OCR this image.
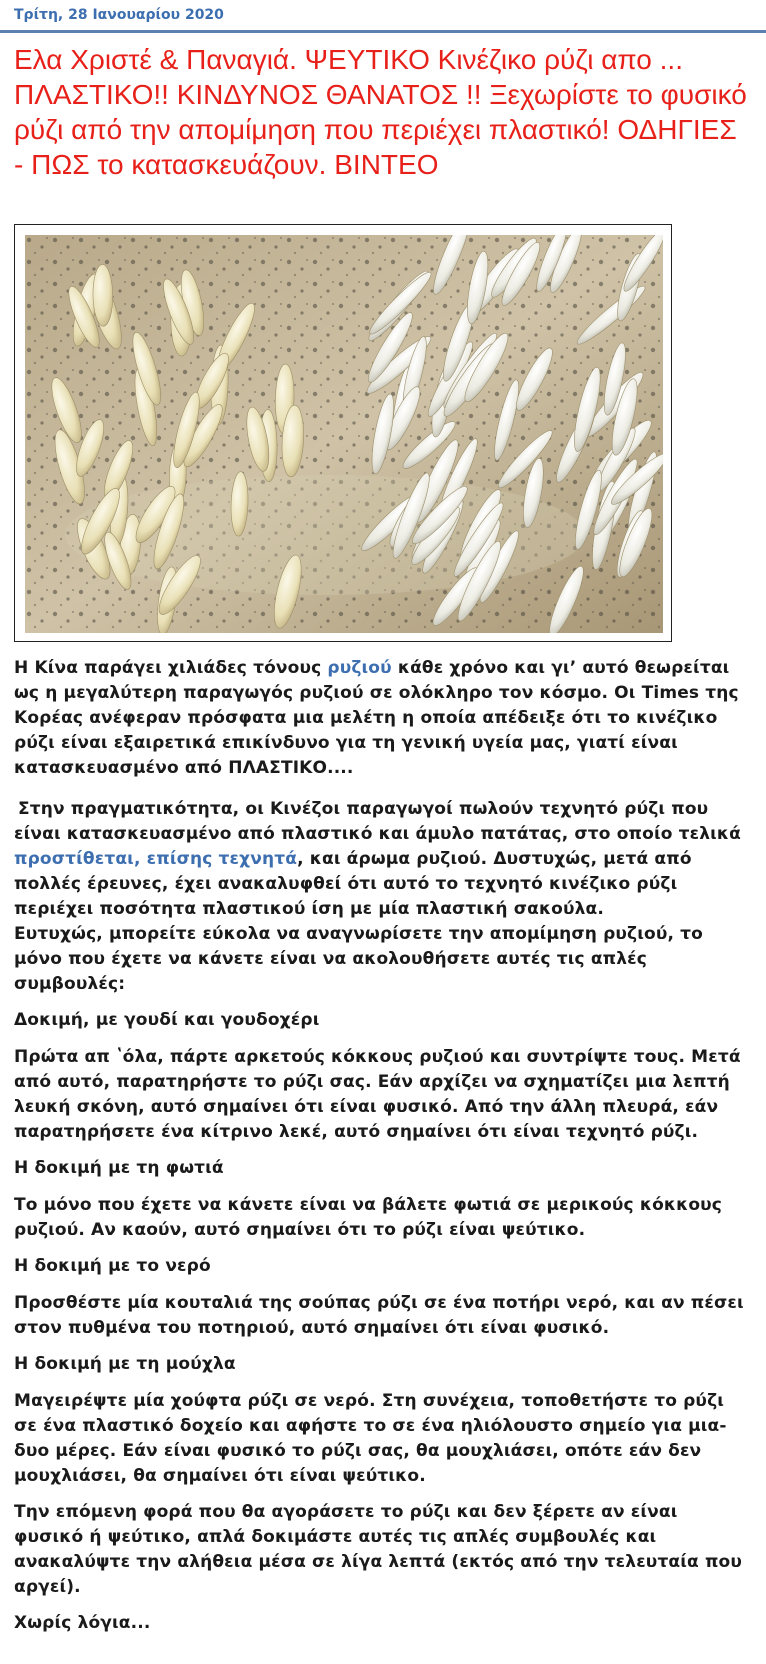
Τρίτη, 28 Ιανουαρίου 2020
Ελα Χριστέ & Παναγιά. ΨΕΥΤΙΚΟ Κινέζικο ρύζι απο ... ΠΛΑΣΤΙΚΟ!! ΚΙΝΔΥΝΟΣ ΘΑΝΑΤΟΣ !! Ξεχωρίστε το φυσικό ρύζι από την απομίμηση που περιέχει πλαστικό! ΟΔΗΓΙΕΣ - ΠΩΣ το κατασκευάζουν. ΒΙΝΤΕΟ

Η Κίνα παράγει χιλιάδες τόνους ρυζιού κάθε χρόνο και γι’ αυτό θεωρείται ως η μεγαλύτερη παραγωγός ρυζιού σε ολόκληρο τον κόσμο. Οι Times της Κορέας ανέφεραν πρόσφατα μια μελέτη η οποία απέδειξε ότι το κινέζικο ρύζι είναι εξαιρετικά επικίνδυνο για τη γενική υγεία μας, γιατί είναι κατασκευασμένο από ΠΛΑΣΤΙΚΟ....

Στην πραγματικότητα, οι Κινέζοι παραγωγοί πωλούν τεχνητό ρύζι που είναι κατασκευασμένο από πλαστικό και άμυλο πατάτας, στο οποίο τελικά προστίθεται, επίσης τεχνητά, και άρωμα ρυζιού. Δυστυχώς, μετά από πολλές έρευνες, έχει ανακαλυφθεί ότι αυτό το τεχνητό κινέζικο ρύζι περιέχει ποσότητα πλαστικού ίση με μία πλαστική σακούλα.

Ευτυχώς, μπορείτε εύκολα να αναγνωρίσετε την απομίμηση ρυζιού, το μόνο που έχετε να κάνετε είναι να ακολουθήσετε αυτές τις απλές συμβουλές:

Δοκιμή, με γουδί και γουδοχέρι

Πρώτα απ ʽόλα, πάρτε αρκετούς κόκκους ρυζιού και συντρίψτε τους. Μετά από αυτό, παρατηρήστε το ρύζι σας. Εάν αρχίζει να σχηματίζει μια λεπτή λευκή σκόνη, αυτό σημαίνει ότι είναι φυσικό. Από την άλλη πλευρά, εάν παρατηρήσετε ένα κίτρινο λεκέ, αυτό σημαίνει ότι είναι τεχνητό ρύζι.

Η δοκιμή με τη φωτιά

Το μόνο που έχετε να κάνετε είναι να βάλετε φωτιά σε μερικούς κόκκους ρυζιού. Αν καούν, αυτό σημαίνει ότι το ρύζι είναι ψεύτικο.

Η δοκιμή με το νερό

Προσθέστε μία κουταλιά της σούπας ρύζι σε ένα ποτήρι νερό, και αν πέσει στον πυθμένα του ποτηριού, αυτό σημαίνει ότι είναι φυσικό.

Η δοκιμή με τη μούχλα

Μαγειρέψτε μία χούφτα ρύζι σε νερό. Στη συνέχεια, τοποθετήστε το ρύζι σε ένα πλαστικό δοχείο και αφήστε το σε ένα ηλιόλουστο σημείο για μια-δυο μέρες. Εάν είναι φυσικό το ρύζι σας, θα μουχλιάσει, οπότε εάν δεν μουχλιάσει, θα σημαίνει ότι είναι ψεύτικο.

Την επόμενη φορά που θα αγοράσετε το ρύζι και δεν ξέρετε αν είναι φυσικό ή ψεύτικο, απλά δοκιμάστε αυτές τις απλές συμβουλές και ανακαλύψτε την αλήθεια μέσα σε λίγα λεπτά (εκτός από την τελευταία που αργεί).

Χωρίς λόγια...
